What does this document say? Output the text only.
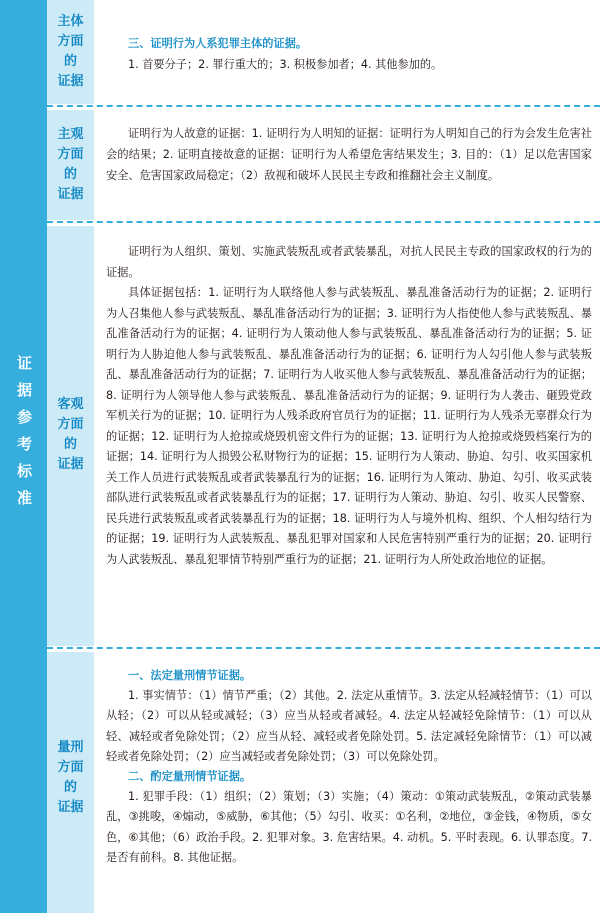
证据参考标准
主体
方面
的
证据

三、证明行为人系犯罪主体的证据。

1. 首要分子；2. 罪行重大的；3. 积极参加者；4. 其他参加的。

主观
方面
的
证据

证明行为人故意的证据：1. 证明行为人明知的证据：证明行为人明知自己的行为会发生危害社会的结果；2. 证明直接故意的证据：证明行为人希望危害结果发生；3. 目的：（1）足以危害国家安全、危害国家政局稳定；（2）敌视和破坏人民民主专政和推翻社会主义制度。

客观
方面
的
证据

证明行为人组织、策划、实施武装叛乱或者武装暴乱，对抗人民民主专政的国家政权的行为的证据。

具体证据包括：1. 证明行为人联络他人参与武装叛乱、暴乱准备活动行为的证据；2. 证明行为人召集他人参与武装叛乱、暴乱准备活动行为的证据；3. 证明行为人指使他人参与武装叛乱、暴乱准备活动行为的证据；4. 证明行为人策动他人参与武装叛乱、暴乱准备活动行为的证据；5. 证明行为人胁迫他人参与武装叛乱、暴乱准备活动行为的证据；6. 证明行为人勾引他人参与武装叛乱、暴乱准备活动行为的证据；7. 证明行为人收买他人参与武装叛乱、暴乱准备活动行为的证据；8. 证明行为人领导他人参与武装叛乱、暴乱准备活动行为的证据；9. 证明行为人袭击、砸毁党政军机关行为的证据；10. 证明行为人残杀政府官员行为的证据；11. 证明行为人残杀无辜群众行为的证据；12. 证明行为人抢掠或烧毁机密文件行为的证据；13. 证明行为人抢掠或烧毁档案行为的证据；14. 证明行为人损毁公私财物行为的证据；15. 证明行为人策动、胁迫、勾引、收买国家机关工作人员进行武装叛乱或者武装暴乱行为的证据；16. 证明行为人策动、胁迫、勾引、收买武装部队进行武装叛乱或者武装暴乱行为的证据；17. 证明行为人策动、胁迫、勾引、收买人民警察、民兵进行武装叛乱或者武装暴乱行为的证据；18. 证明行为人与境外机构、组织、个人相勾结行为的证据；19. 证明行为人武装叛乱、暴乱犯罪对国家和人民危害特别严重行为的证据；20. 证明行为人武装叛乱、暴乱犯罪情节特别严重行为的证据；21. 证明行为人所处政治地位的证据。

量刑
方面
的
证据

一、法定量刑情节证据。

1. 事实情节：（1）情节严重；（2）其他。2. 法定从重情节。3. 法定从轻减轻情节：（1）可以从轻；（2）可以从轻或减轻；（3）应当从轻或者减轻。4. 法定从轻减轻免除情节：（1）可以从轻、减轻或者免除处罚；（2）应当从轻、减轻或者免除处罚。5. 法定减轻免除情节：（1）可以减轻或者免除处罚；（2）应当减轻或者免除处罚；（3）可以免除处罚。

二、酌定量刑情节证据。

1. 犯罪手段：（1）组织；（2）策划；（3）实施；（4）策动：①策动武装叛乱，②策动武装暴乱，③挑唆，④煽动，⑤威胁，⑥其他；（5）勾引、收买：①名利，②地位，③金钱，④物质，⑤女色，⑥其他；（6）政治手段。2. 犯罪对象。3. 危害结果。4. 动机。5. 平时表现。6. 认罪态度。7. 是否有前科。8. 其他证据。
